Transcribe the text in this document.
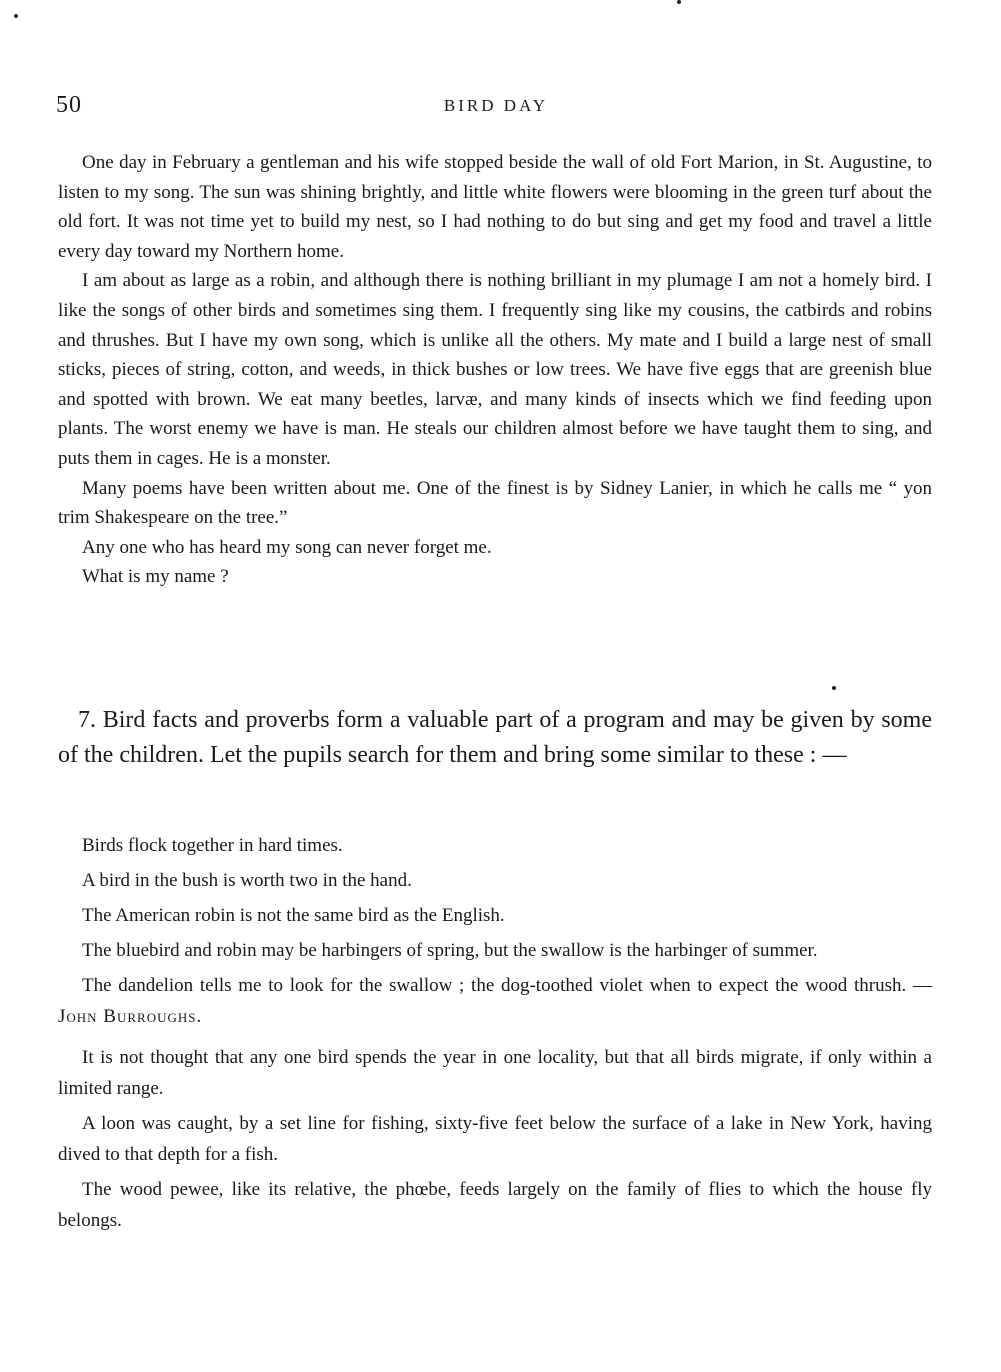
50	BIRD DAY

One day in February a gentleman and his wife stopped beside the wall of old Fort Marion, in St. Augustine, to listen to my song. The sun was shining brightly, and little white flowers were blooming in the green turf about the old fort. It was not time yet to build my nest, so I had nothing to do but sing and get my food and travel a little every day toward my Northern home.

I am about as large as a robin, and although there is nothing brilliant in my plumage I am not a homely bird. I like the songs of other birds and sometimes sing them. I frequently sing like my cousins, the catbirds and robins and thrushes. But I have my own song, which is unlike all the others. My mate and I build a large nest of small sticks, pieces of string, cotton, and weeds, in thick bushes or low trees. We have five eggs that are greenish blue and spotted with brown. We eat many beetles, larvæ, and many kinds of insects which we find feeding upon plants. The worst enemy we have is man. He steals our children almost before we have taught them to sing, and puts them in cages. He is a monster.

Many poems have been written about me. One of the finest is by Sidney Lanier, in which he calls me “ yon trim Shakespeare on the tree.”

Any one who has heard my song can never forget me.

What is my name ?

7. Bird facts and proverbs form a valuable part of a program and may be given by some of the children. Let the pupils search for them and bring some similar to these : —

Birds flock together in hard times.

A bird in the bush is worth two in the hand.

The American robin is not the same bird as the English.

The bluebird and robin may be harbingers of spring, but the swallow is the harbinger of summer.

The dandelion tells me to look for the swallow ; the dog-toothed violet when to expect the wood thrush. — John Burroughs.

It is not thought that any one bird spends the year in one locality, but that all birds migrate, if only within a limited range.

A loon was caught, by a set line for fishing, sixty-five feet below the surface of a lake in New York, having dived to that depth for a fish.

The wood pewee, like its relative, the phœbe, feeds largely on the family of flies to which the house fly belongs.
